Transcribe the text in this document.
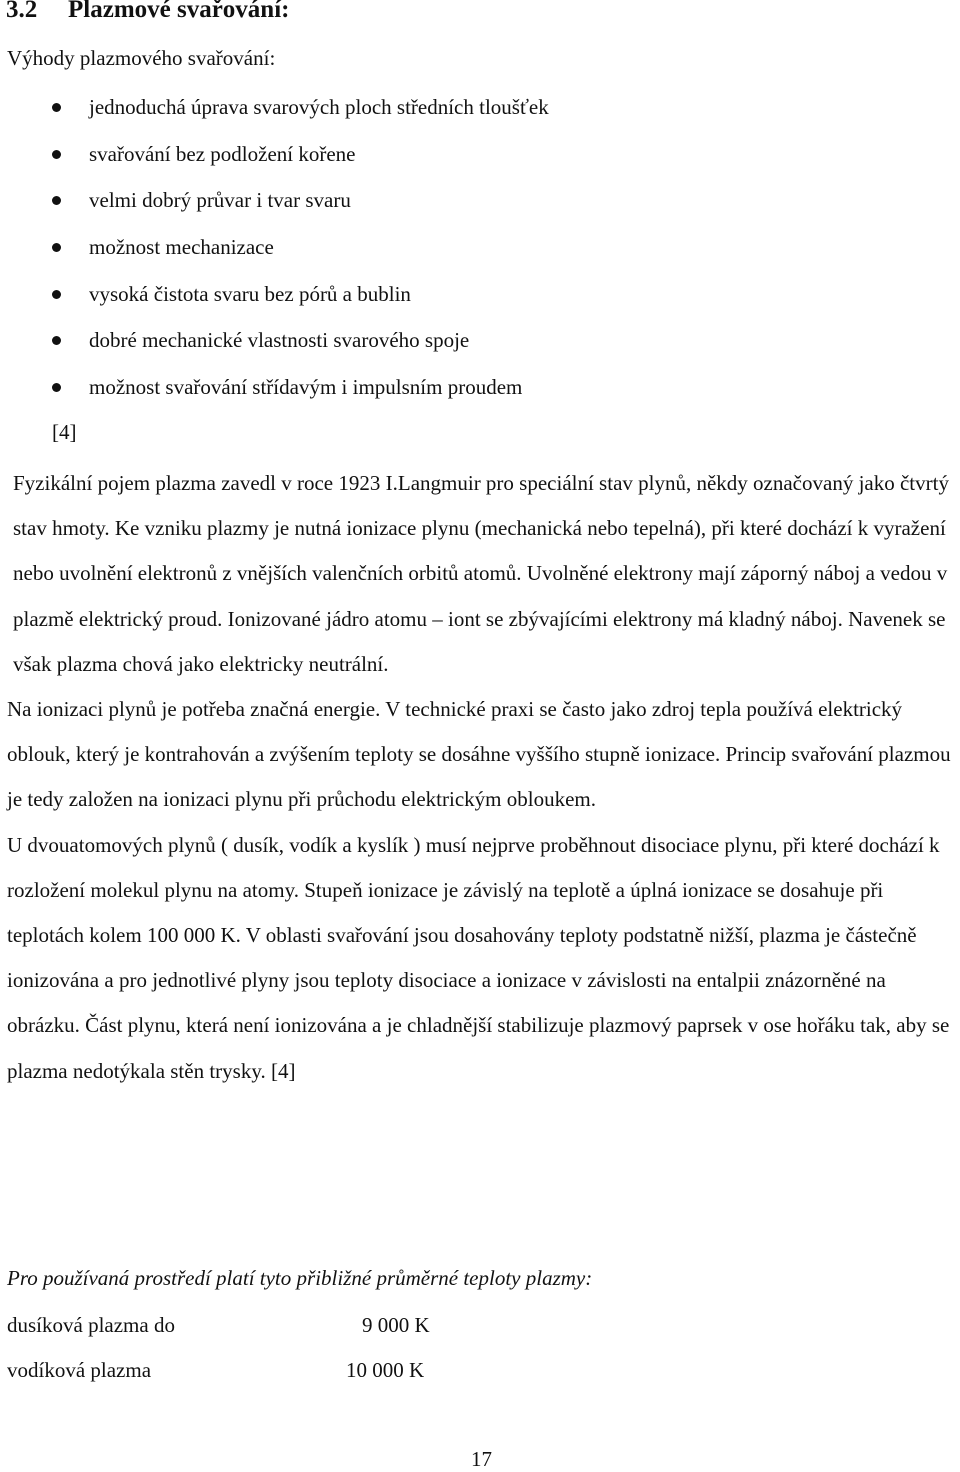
3.2 Plazmové svařování:

Výhody plazmového svařování:

jednoduchá úprava svarových ploch středních tloušťek
svařování bez podložení kořene
velmi dobrý průvar i tvar svaru
možnost mechanizace
vysoká čistota svaru bez pórů a bublin
dobré mechanické vlastnosti svarového spoje
možnost svařování střídavým i impulsním proudem

[4]

Fyzikální pojem plazma zavedl v roce 1923 I.Langmuir pro speciální stav plynů, někdy označovaný jako čtvrtý stav hmoty. Ke vzniku plazmy je nutná ionizace plynu (mechanická nebo tepelná), při které dochází k vyražení nebo uvolnění elektronů z vnějších valenčních orbitů atomů. Uvolněné elektrony mají záporný náboj a vedou v plazmě elektrický proud. Ionizované jádro atomu – iont se zbývajícími elektrony má kladný náboj. Navenek se však plazma chová jako elektricky neutrální.

Na ionizaci plynů je potřeba značná energie. V technické praxi se často jako zdroj tepla používá elektrický oblouk, který je kontrahován a zvýšením teploty se dosáhne vyššího stupně ionizace. Princip svařování plazmou je tedy založen na ionizaci plynu při průchodu elektrickým obloukem.

U dvouatomových plynů ( dusík, vodík a kyslík ) musí nejprve proběhnout disociace plynu, při které dochází k rozložení molekul plynu na atomy. Stupeň ionizace je závislý na teplotě a úplná ionizace se dosahuje při teplotách kolem 100 000 K. V oblasti svařování jsou dosahovány teploty podstatně nižší, plazma je částečně ionizována a pro jednotlivé plyny jsou teploty disociace a ionizace v závislosti na entalpii znázorněné na obrázku. Část plynu, která není ionizována a je chladnější stabilizuje plazmový paprsek v ose hořáku tak, aby se plazma nedotýkala stěn trysky. [4]

Pro používaná prostředí platí tyto přibližné průměrné teploty plazmy:

dusíková plazma do	9 000 K
vodíková plazma	10 000 K

17
